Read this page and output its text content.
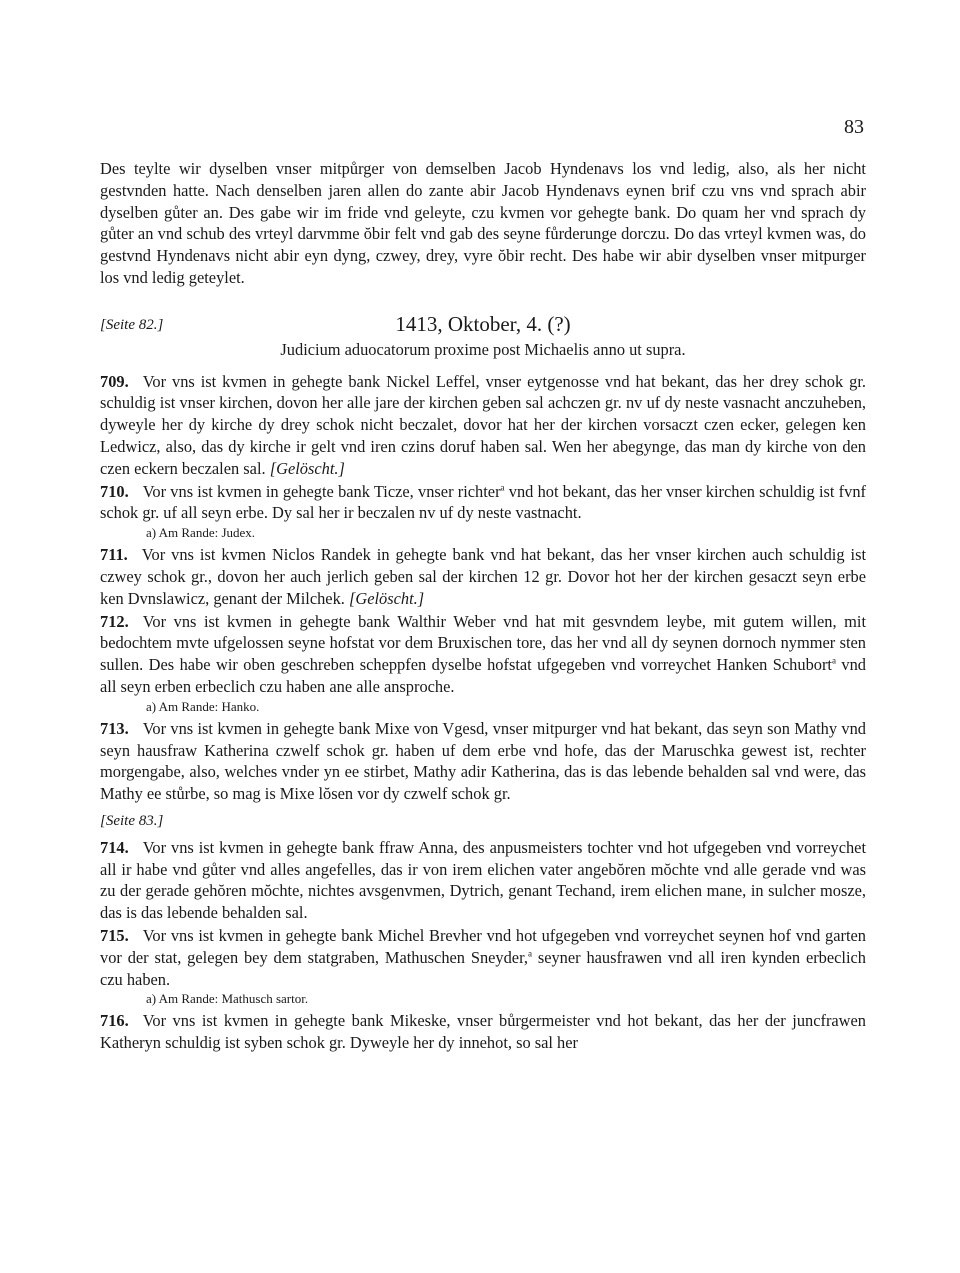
83

Des teylte wir dyselben vnser mitpůrger von demselben Jacob Hyndenavs los vnd ledig, also, als her nicht gestvnden hatte. Nach denselben jaren allen do zante abir Jacob Hyndenavs eynen brif czu vns vnd sprach abir dyselben gůter an. Des gabe wir im fride vnd geleyte, czu kvmen vor gehegte bank. Do quam her vnd sprach dy gůter an vnd schub des vrteyl darvmme ŏbir felt vnd gab des seyne fůrderunge dorczu. Do das vrteyl kvmen was, do gestvnd Hyndenavs nicht abir eyn dyng, czwey, drey, vyre ŏbir recht. Des habe wir abir dyselben vnser mitpurger los vnd ledig geteylet.

[Seite 82.]	1413, Oktober, 4. (?)
Judicium aduocatorum proxime post Michaelis anno ut supra.

709. Vor vns ist kvmen in gehegte bank Nickel Leffel, vnser eytgenosse vnd hat bekant, das her drey schok gr. schuldig ist vnser kirchen, dovon her alle jare der kirchen geben sal achczen gr. nv uf dy neste vasnacht anczuheben, dyweyle her dy kirche dy drey schok nicht beczalet, dovor hat her der kirchen vorsaczt czen ecker, gelegen ken Ledwicz, also, das dy kirche ir gelt vnd iren czins doruf haben sal. Wen her abegynge, das man dy kirche von den czen eckern beczalen sal. [Gelöscht.]

710. Vor vns ist kvmen in gehegte bank Ticze, vnser richter$^a$ vnd hot bekant, das her vnser kirchen schuldig ist fvnf schok gr. uf all seyn erbe. Dy sal her ir beczalen nv uf dy neste vastnacht.

a) Am Rande: Judex.

711. Vor vns ist kvmen Niclos Randek in gehegte bank vnd hat bekant, das her vnser kirchen auch schuldig ist czwey schok gr., dovon her auch jerlich geben sal der kirchen 12 gr. Dovor hot her der kirchen gesaczt seyn erbe ken Dvnslawicz, genant der Milchek. [Gelöscht.]

712. Vor vns ist kvmen in gehegte bank Walthir Weber vnd hat mit gesvndem leybe, mit gutem willen, mit bedochtem mvte ufgelossen seyne hofstat vor dem Bruxischen tore, das her vnd all dy seynen dornoch nymmer sten sullen. Des habe wir oben geschreben scheppfen dyselbe hofstat ufgegeben vnd vorreychet Hanken Schubort$^a$ vnd all seyn erben erbeclich czu haben ane alle ansproche.

a) Am Rande: Hanko.

713. Vor vns ist kvmen in gehegte bank Mixe von Vgesd, vnser mitpurger vnd hat bekant, das seyn son Mathy vnd seyn hausfraw Katherina czwelf schok gr. haben uf dem erbe vnd hofe, das der Maruschka gewest ist, rechter morgengabe, also, welches vnder yn ee stirbet, Mathy adir Katherina, das is das lebende behalden sal vnd were, das Mathy ee stůrbe, so mag is Mixe lŏsen vor dy czwelf schok gr.

[Seite 83.]

714. Vor vns ist kvmen in gehegte bank ffraw Anna, des anpusmeisters tochter vnd hot ufgegeben vnd vorreychet all ir habe vnd gůter vnd alles angefelles, das ir von irem elichen vater angebŏren mŏchte vnd alle gerade vnd was zu der gerade gehŏren mŏchte, nichtes avsgenvmen, Dytrich, genant Techand, irem elichen mane, in sulcher mosze, das is das lebende behalden sal.

715. Vor vns ist kvmen in gehegte bank Michel Brevher vnd hot ufgegeben vnd vorreychet seynen hof vnd garten vor der stat, gelegen bey dem statgraben, Mathuschen Sneyder,$^a$ seyner hausfrawen vnd all iren kynden erbeclich czu haben.

a) Am Rande: Mathusch sartor.

716. Vor vns ist kvmen in gehegte bank Mikeske, vnser bůrgermeister vnd hot bekant, das her der juncfrawen Katheryn schuldig ist syben schok gr. Dyweyle her dy innehot, so sal her
